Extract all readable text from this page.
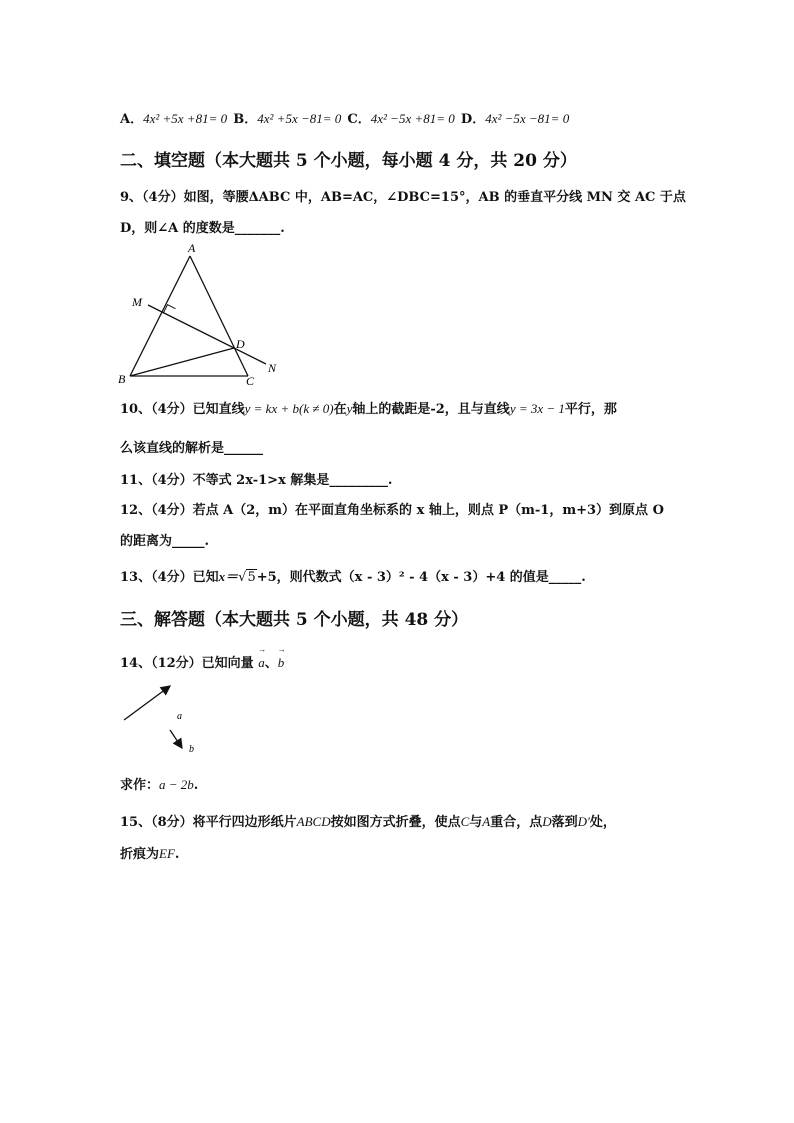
A．4x² +5x +81= 0 B．4x² +5x −81= 0 C．4x² −5x +81= 0 D．4x² −5x −81= 0
二、填空题（本大题共 5 个小题，每小题 4 分，共 20 分）
9、（4分）如图，等腰ΔABC 中，AB=AC，∠DBC=15°，AB 的垂直平分线 MN 交 AC 于点
D，则∠A 的度数是_______.
A
M
D
N
B	C
10、（4分）已知直线y = kx + b(k ≠ 0)在y轴上的截距是-2，且与直线y = 3x − 1平行，那
么该直线的解析是______
11、（4分）不等式 2x-1>x 解集是_________.
12、（4分）若点 A（2，m）在平面直角坐标系的 x 轴上，则点 P（m-1，m+3）到原点 O
的距离为_____.
13、（4分）已知x＝√5+5，则代数式（x - 3）² - 4（x - 3）+4 的值是_____.
三、解答题（本大题共 5 个小题，共 48 分）
14、（12分）已知向量 → a、→ b
a
b
求作：a − 2b.
15、（8分）将平行四边形纸片ABCD按如图方式折叠，使点C与A重合，点D落到D′处，
折痕为EF.
